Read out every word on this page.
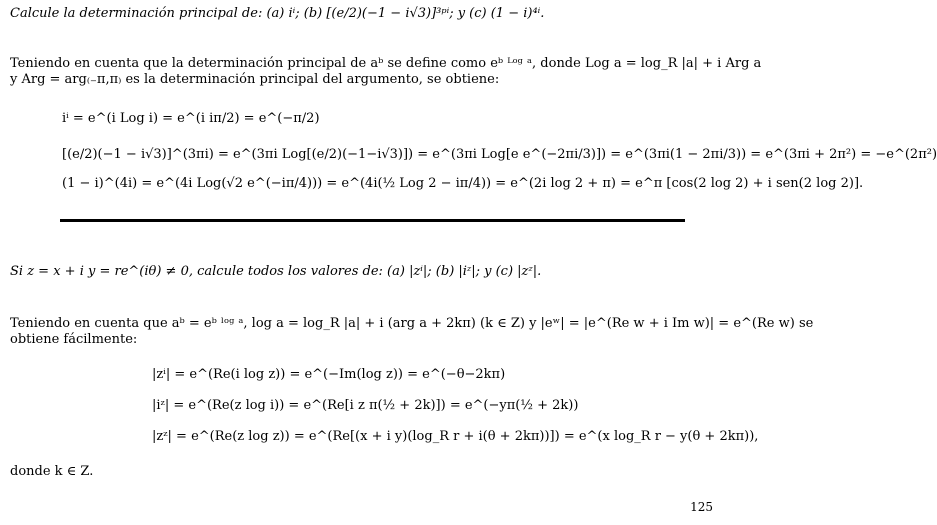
Calcule la determinación principal de: (a) iⁱ; (b) [(e/2)(−1 − i√3)]³ᵖⁱ; y (c) (1 − i)⁴ⁱ.
Teniendo en cuenta que la determinación principal de aᵇ se define como eᵇ ᴸᵒᵍ ᵃ, donde Log a = log_R |a| + i Arg a
y Arg = arg₍₋π,π₎ es la determinación principal del argumento, se obtiene:
iⁱ = e^(i Log i) = e^(i iπ/2) = e^(−π/2)
[(e/2)(−1 − i√3)]^(3πi) = e^(3πi Log[(e/2)(−1−i√3)]) = e^(3πi Log[e e^(−2πi/3)]) = e^(3πi(1 − 2πi/3)) = e^(3πi + 2π²) = −e^(2π²)
(1 − i)^(4i) = e^(4i Log(√2 e^(−iπ/4))) = e^(4i(½ Log 2 − iπ/4)) = e^(2i log 2 + π) = e^π [cos(2 log 2) + i sen(2 log 2)].
Si z = x + i y = re^(iθ) ≠ 0, calcule todos los valores de: (a) |zⁱ|; (b) |iᶻ|; y (c) |zᶻ|.
Teniendo en cuenta que aᵇ = eᵇ ˡᵒᵍ ᵃ, log a = log_R |a| + i (arg a + 2kπ) (k ∈ Z) y |eʷ| = |e^(Re w + i Im w)| = e^(Re w) se
obtiene fácilmente:
|zⁱ| = e^(Re(i log z)) = e^(−Im(log z)) = e^(−θ−2kπ)
|iᶻ| = e^(Re(z log i)) = e^(Re[i z π(½ + 2k)]) = e^(−yπ(½ + 2k))
|zᶻ| = e^(Re(z log z)) = e^(Re[(x + i y)(log_R r + i(θ + 2kπ))]) = e^(x log_R r − y(θ + 2kπ)),
donde k ∈ Z.
125
